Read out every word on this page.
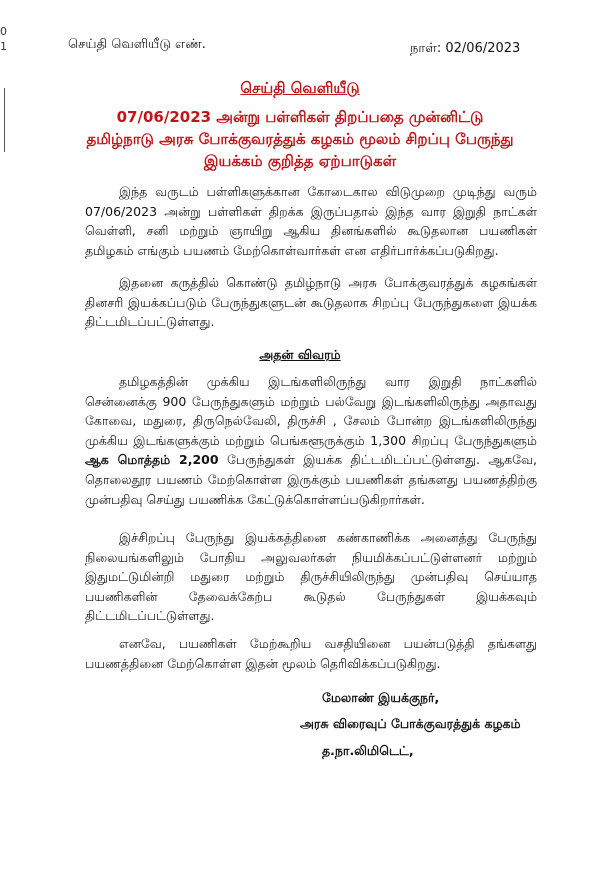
0
1	செய்தி வெளியீடு எண்.	நாள்: 02/06/2023
செய்தி வெளியீடு
07/06/2023 அன்று பள்ளிகள் திறப்பதை முன்னிட்டு
தமிழ்நாடு அரசு போக்குவரத்துக் கழகம் மூலம் சிறப்பு பேருந்து
இயக்கம் குறித்த ஏற்பாடுகள்
இந்த வருடம் பள்ளிகளுக்கான கோடைகால விடுமுறை முடிந்து வரும் 07/06/2023 அன்று பள்ளிகள் திறக்க இருப்பதால் இந்த வார இறுதி நாட்கள் வெள்ளி, சனி மற்றும் ஞாயிறு ஆகிய தினங்களில் கூடுதலான பயணிகள் தமிழகம் எங்கும் பயணம் மேற்கொள்வார்கள் என எதிர்பார்க்கப்படுகிறது.
இதனை கருத்தில் கொண்டு தமிழ்நாடு அரசு போக்குவரத்துக் கழகங்கள் தினசரி இயக்கப்படும் பேருந்துகளுடன் கூடுதலாக சிறப்பு பேருந்துகளை இயக்க திட்டமிடப்பட்டுள்ளது.
அதன் விவரம்
தமிழகத்தின் முக்கிய இடங்களிலிருந்து வார இறுதி நாட்களில் சென்னைக்கு 900 பேருந்துகளும் மற்றும் பல்வேறு இடங்களிலிருந்து அதாவது கோவை, மதுரை, திருநெல்வேலி, திருச்சி , சேலம் போன்ற இடங்களிலிருந்து முக்கிய இடங்களுக்கும் மற்றும் பெங்களூருக்கும் 1,300 சிறப்பு பேருந்துகளும் ஆக மொத்தம் 2,200 பேருந்துகள் இயக்க திட்டமிடப்பட்டுள்ளது. ஆகவே, தொலைதூர பயணம் மேற்கொள்ள இருக்கும் பயணிகள் தங்களது பயணத்திற்கு முன்பதிவு செய்து பயணிக்க கேட்டுக்கொள்ளப்படுகிறார்கள்.
இச்சிறப்பு பேருந்து இயக்கத்தினை கண்காணிக்க அனைத்து பேருந்து நிலையங்களிலும் போதிய அலுவலர்கள் நியமிக்கப்பட்டுள்ளனர் மற்றும் இதுமட்டுமின்றி மதுரை மற்றும் திருச்சியிலிருந்து முன்பதிவு செய்யாத பயணிகளின் தேவைக்கேற்ப கூடுதல் பேருந்துகள் இயக்கவும் திட்டமிடப்பட்டுள்ளது.
எனவே, பயணிகள் மேற்கூறிய வசதியினை பயன்படுத்தி தங்களது பயணத்தினை மேற்கொள்ள இதன் மூலம் தெரிவிக்கப்படுகிறது.
மேலாண் இயக்குநர்,
அரசு விரைவுப் போக்குவரத்துக் கழகம்
த.நா.லிமிடெட்,
